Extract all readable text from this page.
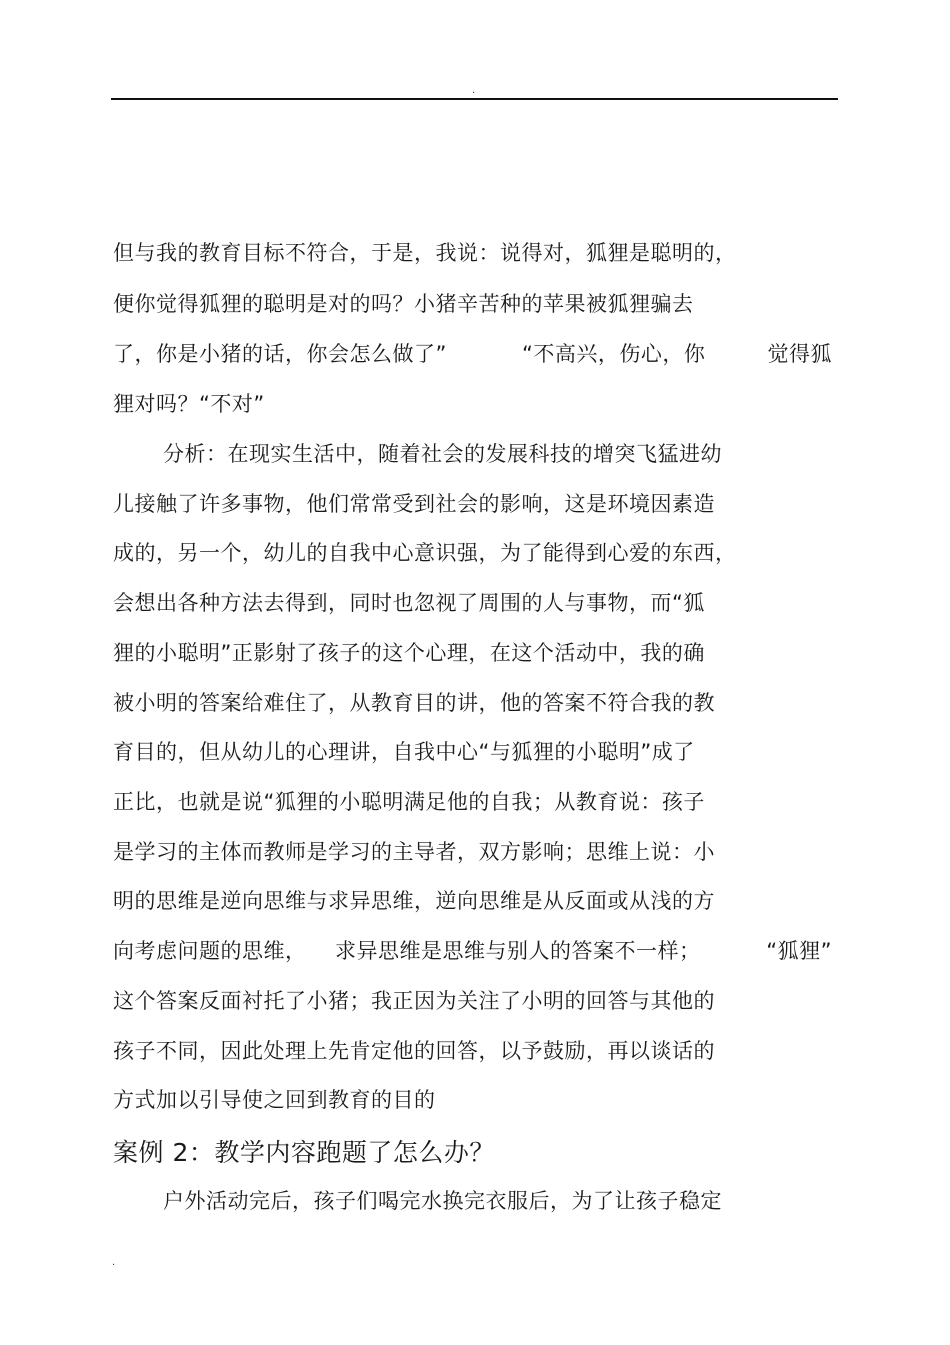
.
但与我的教育目标不符合，于是，我说：说得对，狐狸是聪明的，
便你觉得狐狸的聪明是对的吗？小猪辛苦种的苹果被狐狸骗去
了，你是小猪的话，你会怎么做了”	“不高兴，伤心，你	觉得狐
狸对吗？“不对”
分析：在现实生活中，随着社会的发展科技的增突飞猛进幼
儿接触了许多事物，他们常常受到社会的影响，这是环境因素造
成的，另一个，幼儿的自我中心意识强，为了能得到心爱的东西，
会想出各种方法去得到，同时也忽视了周围的人与事物，而“狐
狸的小聪明”正影射了孩子的这个心理，在这个活动中，我的确
被小明的答案给难住了，从教育目的讲，他的答案不符合我的教
育目的，但从幼儿的心理讲，自我中心“与狐狸的小聪明”成了
正比，也就是说“狐狸的小聪明满足他的自我；从教育说：孩子
是学习的主体而教师是学习的主导者，双方影响；思维上说：小
明的思维是逆向思维与求异思维，逆向思维是从反面或从浅的方
向考虑问题的思维， 求异思维是思维与别人的答案不一样；	“狐狸”
这个答案反面衬托了小猪；我正因为关注了小明的回答与其他的
孩子不同，因此处理上先肯定他的回答，以予鼓励，再以谈话的
方式加以引导使之回到教育的目的
案例 2：教学内容跑题了怎么办？
户外活动完后，孩子们喝完水换完衣服后，为了让孩子稳定
.
